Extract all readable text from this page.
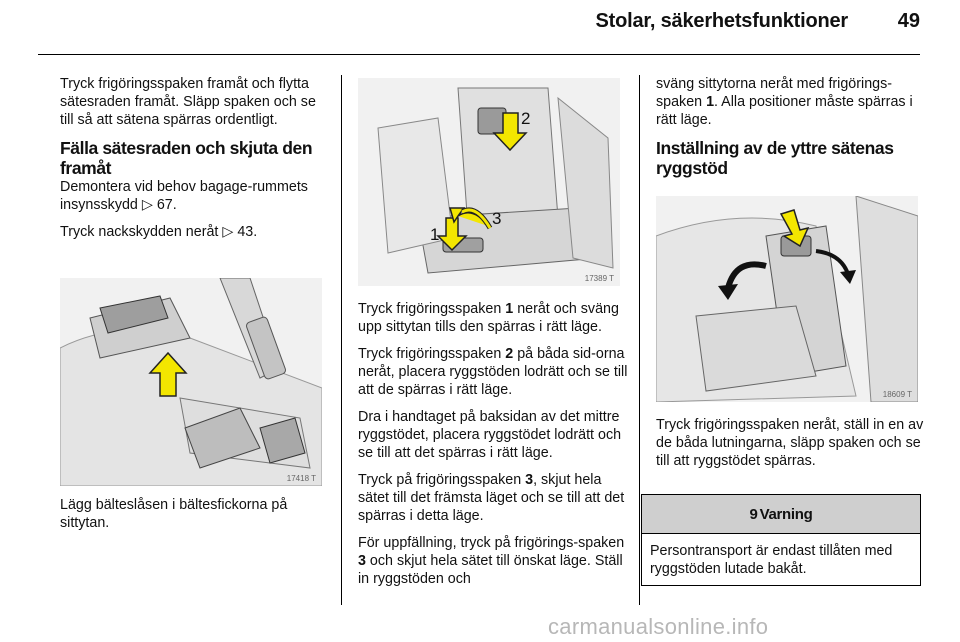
Stolar, säkerhetsfunktioner 49

Tryck frigöringsspaken framåt och flytta sätesraden framåt. Släpp spaken och se till så att sätena spärras ordentligt.

Fälla sätesraden och skjuta den framåt

Demontera vid behov bagage-rummets insynsskydd ▷ 67.

Tryck nackskydden neråt ▷ 43.

17418 T

Lägg bälteslåsen i bältesfickorna på sittytan.

1
2
3
17389 T

Tryck frigöringsspaken 1 neråt och sväng upp sittytan tills den spärras i rätt läge.

Tryck frigöringsspaken 2 på båda sid-orna neråt, placera ryggstöden lodrätt och se till att de spärras i rätt läge.

Dra i handtaget på baksidan av det mittre ryggstödet, placera ryggstödet lodrätt och se till att det spärras i rätt läge.

Tryck på frigöringsspaken 3, skjut hela sätet till det främsta läget och se till att det spärras i detta läge.

För uppfällning, tryck på frigörings-spaken 3 och skjut hela sätet till önskat läge. Ställ in ryggstöden och

sväng sittytorna neråt med frigörings-spaken 1. Alla positioner måste spärras i rätt läge.

Inställning av de yttre sätenas ryggstöd
18609 T

Tryck frigöringsspaken neråt, ställ in en av de båda lutningarna, släpp spaken och se till att ryggstödet spärras.

9 Varning
Persontransport är endast tillåten med ryggstöden lutade bakåt.
carmanualsonline.info
